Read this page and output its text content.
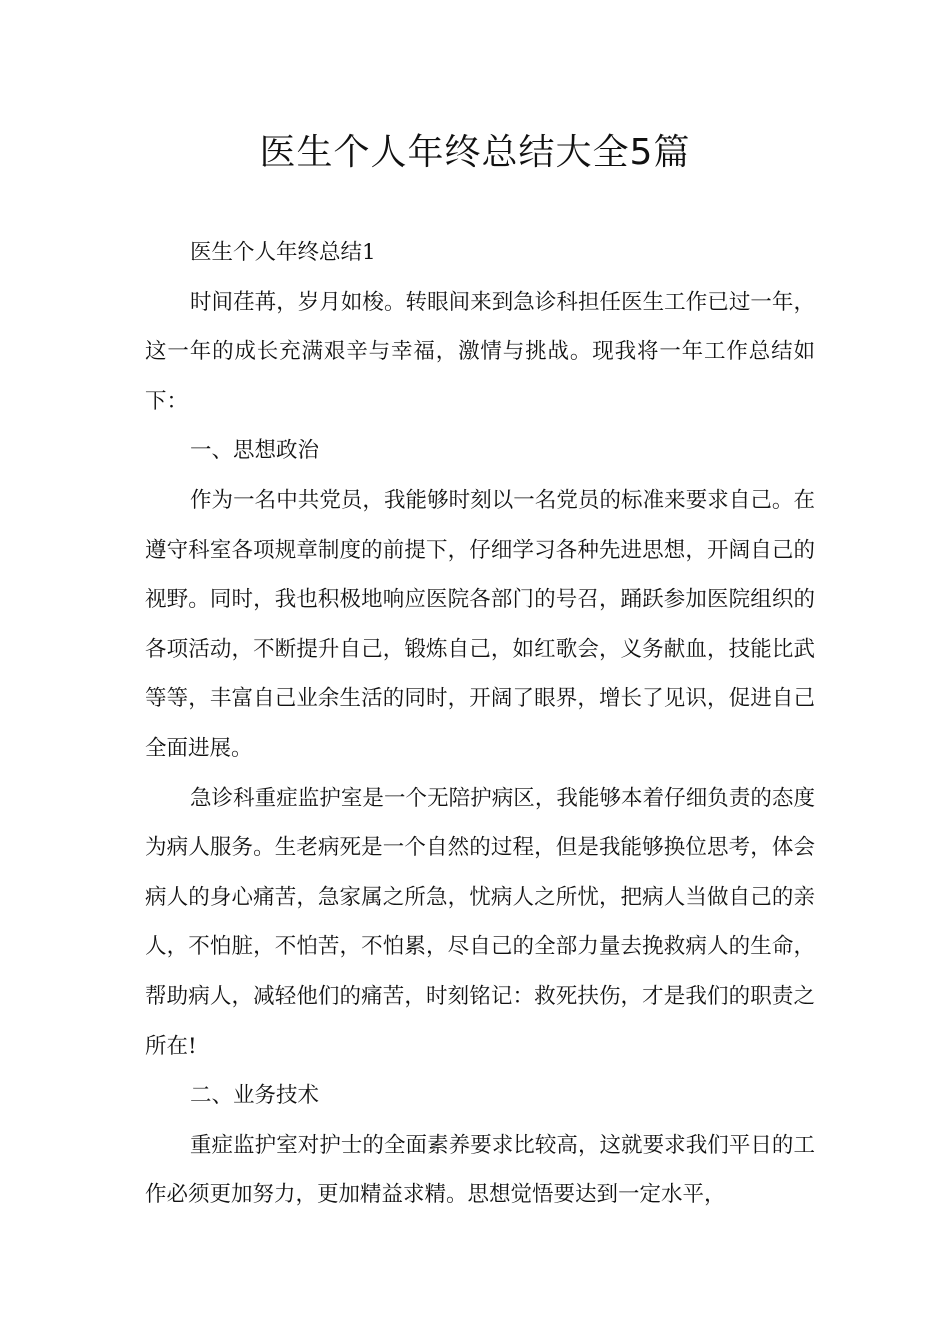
医生个人年终总结大全5篇

医生个人年终总结1

时间荏苒，岁月如梭。转眼间来到急诊科担任医生工作已过一年，这一年的成长充满艰辛与幸福，激情与挑战。现我将一年工作总结如下：

一、思想政治

作为一名中共党员，我能够时刻以一名党员的标准来要求自己。在遵守科室各项规章制度的前提下，仔细学习各种先进思想，开阔自己的视野。同时，我也积极地响应医院各部门的号召，踊跃参加医院组织的各项活动，不断提升自己，锻炼自己，如红歌会，义务献血，技能比武等等，丰富自己业余生活的同时，开阔了眼界，增长了见识，促进自己全面进展。

急诊科重症监护室是一个无陪护病区，我能够本着仔细负责的态度为病人服务。生老病死是一个自然的过程，但是我能够换位思考，体会病人的身心痛苦，急家属之所急，忧病人之所忧，把病人当做自己的亲人，不怕脏，不怕苦，不怕累，尽自己的全部力量去挽救病人的生命，帮助病人，减轻他们的痛苦，时刻铭记：救死扶伤，才是我们的职责之所在!

二、业务技术

重症监护室对护士的全面素养要求比较高，这就要求我们平日的工作必须更加努力，更加精益求精。思想觉悟要达到一定水平，
